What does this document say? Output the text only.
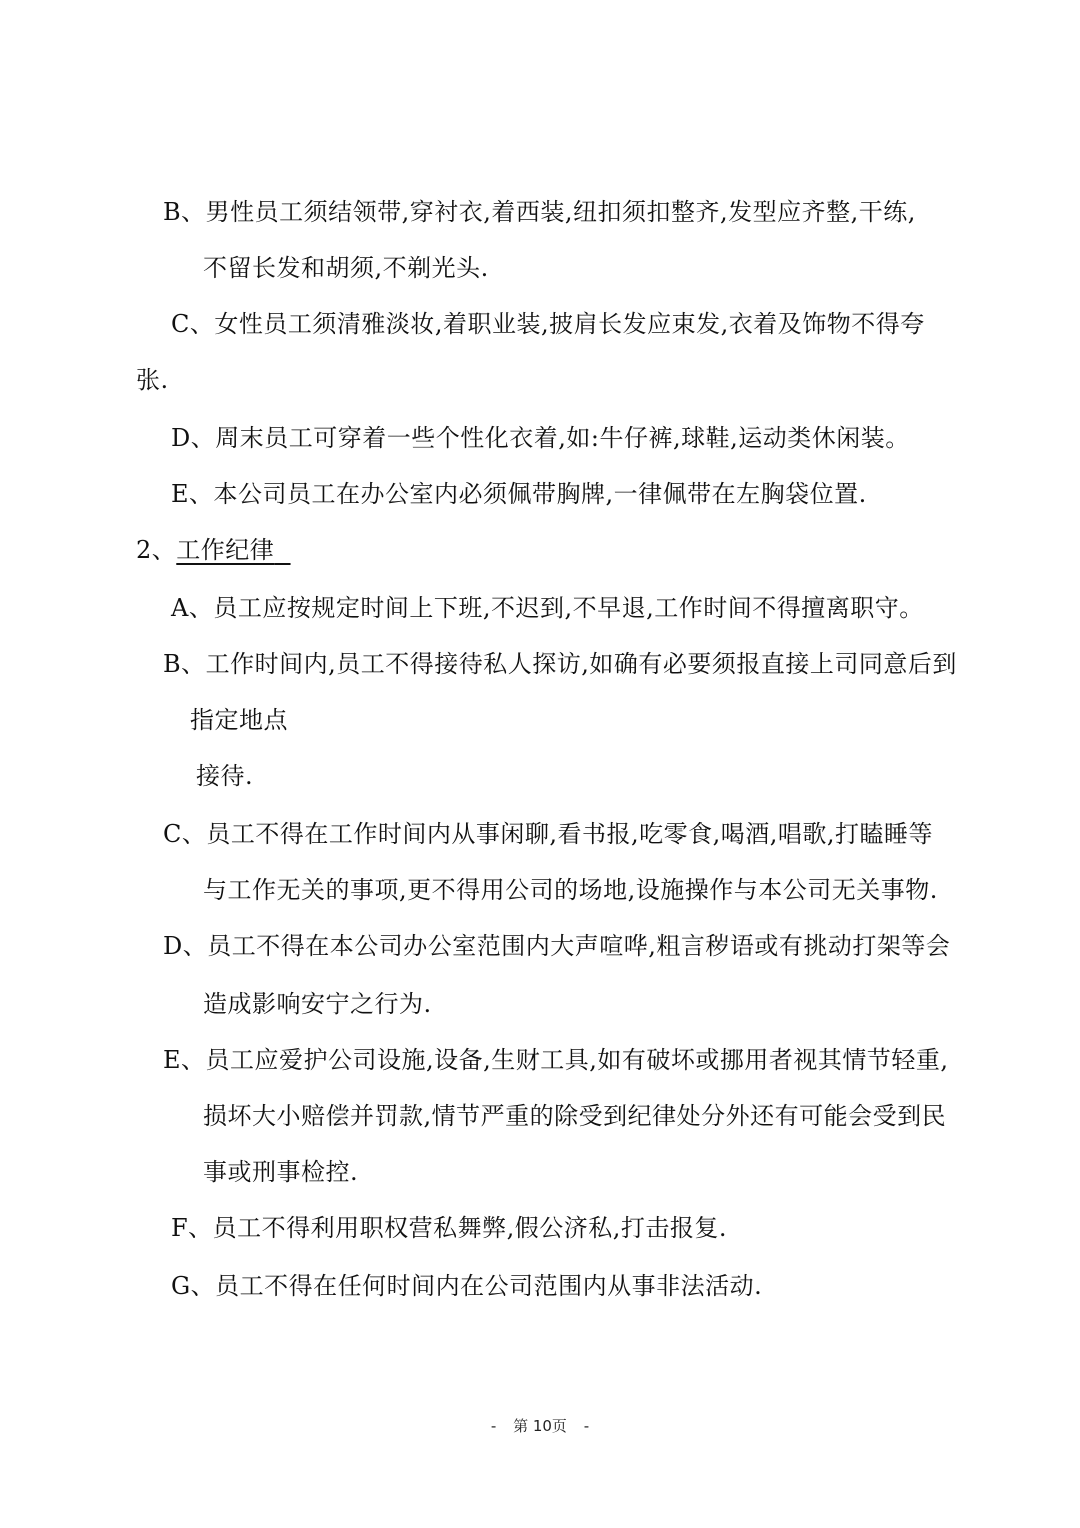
B、男性员工须结领带,穿衬衣,着西装,纽扣须扣整齐,发型应齐整,干练,
不留长发和胡须,不剃光头.
C、女性员工须清雅淡妆,着职业装,披肩长发应束发,衣着及饰物不得夸
张.
D、周末员工可穿着一些个性化衣着,如:牛仔裤,球鞋,运动类休闲装。
E、本公司员工在办公室内必须佩带胸牌,一律佩带在左胸袋位置.
2、工作纪律
A、员工应按规定时间上下班,不迟到,不早退,工作时间不得擅离职守。
B、工作时间内,员工不得接待私人探访,如确有必要须报直接上司同意后到
指定地点
接待.
C、员工不得在工作时间内从事闲聊,看书报,吃零食,喝酒,唱歌,打瞌睡等
与工作无关的事项,更不得用公司的场地,设施操作与本公司无关事物.
D、员工不得在本公司办公室范围内大声喧哗,粗言秽语或有挑动打架等会
造成影响安宁之行为.
E、员工应爱护公司设施,设备,生财工具,如有破坏或挪用者视其情节轻重,
损坏大小赔偿并罚款,情节严重的除受到纪律处分外还有可能会受到民
事或刑事检控.
F、员工不得利用职权营私舞弊,假公济私,打击报复.
G、员工不得在任何时间内在公司范围内从事非法活动.
- 第 10页 -
